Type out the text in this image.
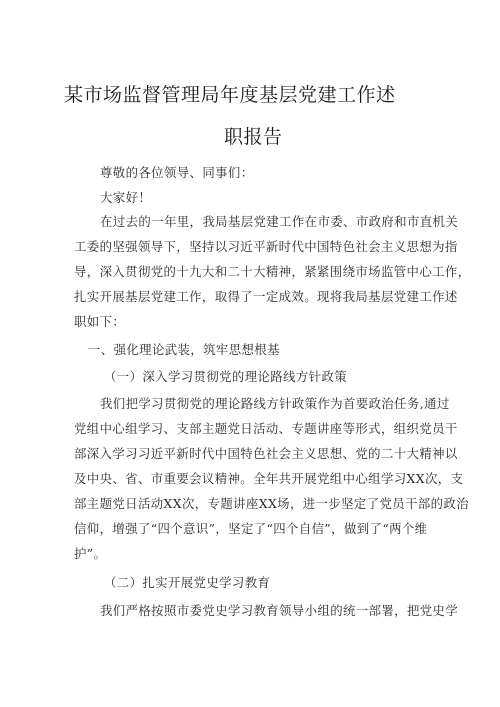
某市场监督管理局年度基层党建工作述
职报告
尊敬的各位领导、同事们：
大家好！
在过去的一年里，我局基层党建工作在市委、市政府和市直机关
工委的坚强领导下，坚持以习近平新时代中国特色社会主义思想为指
导，深入贯彻党的十九大和二十大精神，紧紧围绕市场监管中心工作，
扎实开展基层党建工作，取得了一定成效。现将我局基层党建工作述
职如下：
一、强化理论武装，筑牢思想根基
（一）深入学习贯彻党的理论路线方针政策
我们把学习贯彻党的理论路线方针政策作为首要政治任务,通过
党组中心组学习、支部主题党日活动、专题讲座等形式，组织党员干
部深入学习习近平新时代中国特色社会主义思想、党的二十大精神以
及中央、省、市重要会议精神。全年共开展党组中心组学习XX次，支
部主题党日活动XX次，专题讲座XX场，进一步坚定了党员干部的政治
信仰，增强了“四个意识”，坚定了“四个自信”，做到了“两个维
护”。
（二）扎实开展党史学习教育
我们严格按照市委党史学习教育领导小组的统一部署，把党史学
